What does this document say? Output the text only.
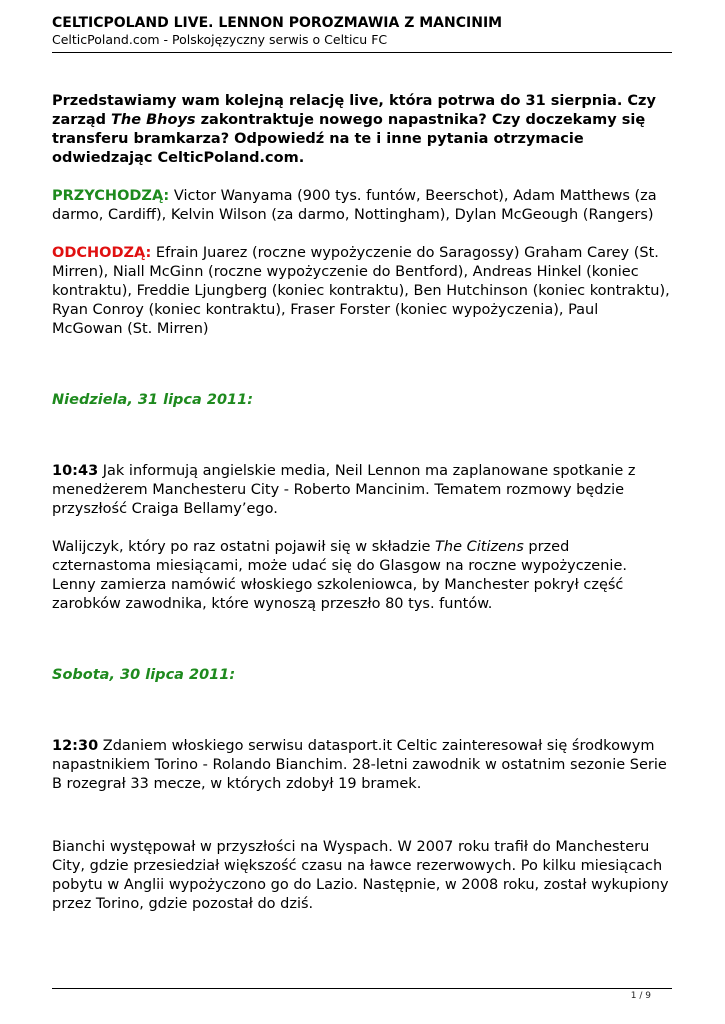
CELTICPOLAND LIVE. LENNON POROZMAWIA Z MANCINIM
CelticPoland.com - Polskojęzyczny serwis o Celticu FC

Przedstawiamy wam kolejną relację live, która potrwa do 31 sierpnia. Czy zarząd The Bhoys zakontraktuje nowego napastnika? Czy doczekamy się transferu bramkarza? Odpowiedź na te i inne pytania otrzymacie odwiedzając CelticPoland.com.

PRZYCHODZĄ: Victor Wanyama (900 tys. funtów, Beerschot), Adam Matthews (za darmo, Cardiff), Kelvin Wilson (za darmo, Nottingham), Dylan McGeough (Rangers)

ODCHODZĄ: Efrain Juarez (roczne wypożyczenie do Saragossy) Graham Carey (St. Mirren), Niall McGinn (roczne wypożyczenie do Bentford), Andreas Hinkel (koniec kontraktu), Freddie Ljungberg (koniec kontraktu), Ben Hutchinson (koniec kontraktu), Ryan Conroy (koniec kontraktu), Fraser Forster (koniec wypożyczenia), Paul McGowan (St. Mirren)

Niedziela, 31 lipca 2011:

10:43 Jak informują angielskie media, Neil Lennon ma zaplanowane spotkanie z menedżerem Manchesteru City - Roberto Mancinim. Tematem rozmowy będzie przyszłość Craiga Bellamy’ego.

Walijczyk, który po raz ostatni pojawił się w składzie The Citizens przed czternastoma miesiącami, może udać się do Glasgow na roczne wypożyczenie. Lenny zamierza namówić włoskiego szkoleniowca, by Manchester pokrył część zarobków zawodnika, które wynoszą przeszło 80 tys. funtów.

Sobota, 30 lipca 2011:

12:30 Zdaniem włoskiego serwisu datasport.it Celtic zainteresował się środkowym napastnikiem Torino - Rolando Bianchim. 28-letni zawodnik w ostatnim sezonie Serie B rozegrał 33 mecze, w których zdobył 19 bramek.

Bianchi występował w przyszłości na Wyspach. W 2007 roku trafił do Manchesteru City, gdzie przesiedział większość czasu na ławce rezerwowych. Po kilku miesiącach pobytu w Anglii wypożyczono go do Lazio. Następnie, w 2008 roku, został wykupiony przez Torino, gdzie pozostał do dziś.

1 / 9
